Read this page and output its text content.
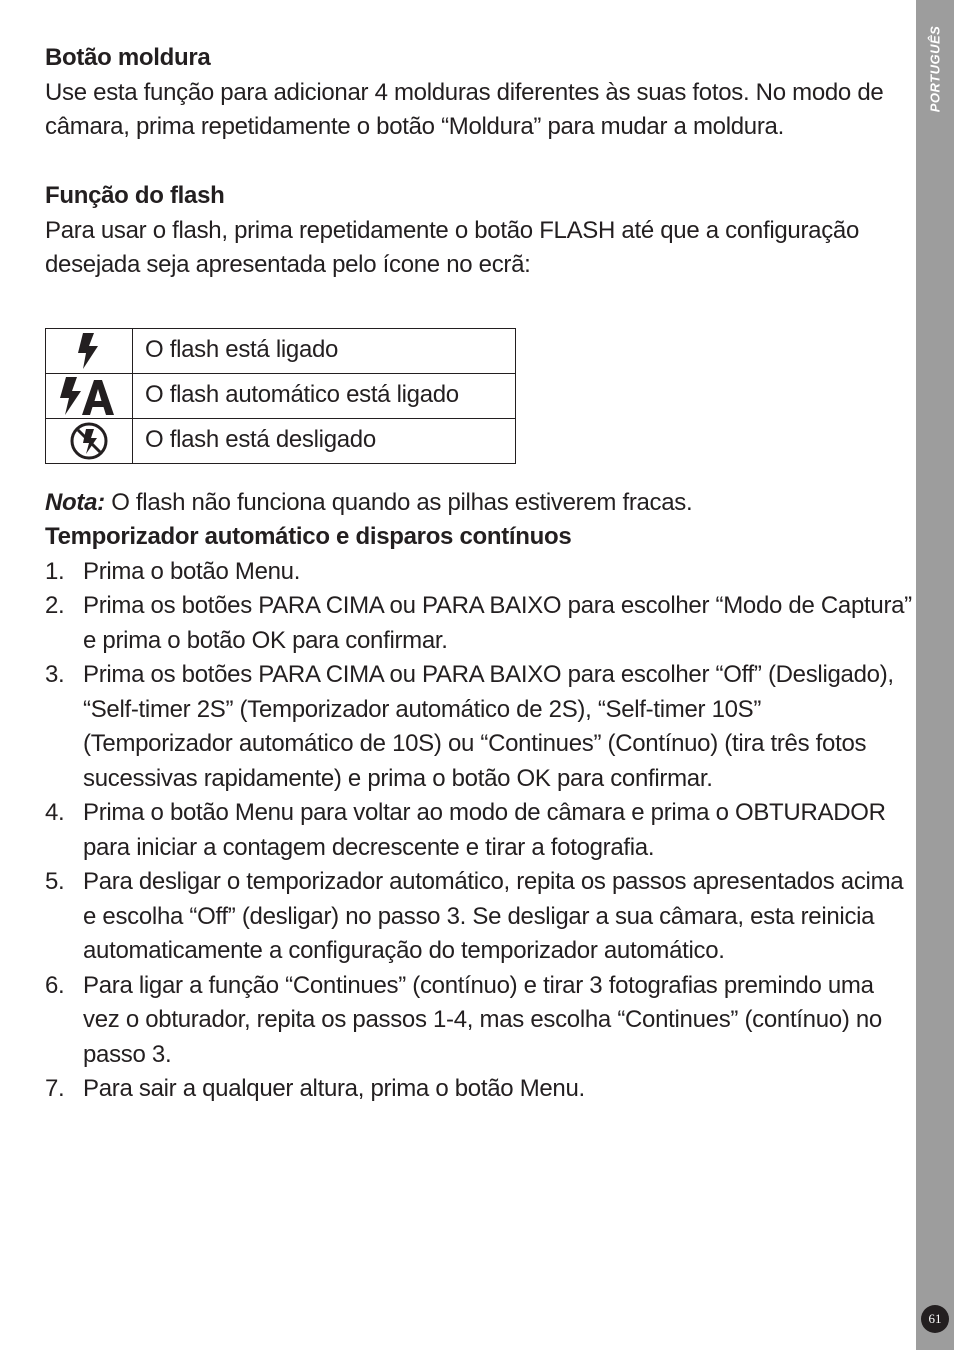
Botão moldura

Use esta função para adicionar 4 molduras diferentes às suas fotos. No modo de câmara, prima repetidamente o botão “Moldura” para mudar a moldura.

Função do flash

Para usar o flash, prima repetidamente o botão FLASH até que a configuração desejada seja apresentada pelo ícone no ecrã:

	O flash está ligado

	O flash automático está ligado

	O flash está desligado

Nota: O flash não funciona quando as pilhas estiverem fracas.

Temporizador automático e disparos contínuos

1. Prima o botão Menu.
2. Prima os botões PARA CIMA ou PARA BAIXO para escolher “Modo de Captura” e prima o botão OK para confirmar.
3. Prima os botões PARA CIMA ou PARA BAIXO para escolher “Off” (Desligado), “Self-timer 2S” (Temporizador automático de 2S), “Self-timer 10S” (Temporizador automático de 10S) ou “Continues” (Contínuo) (tira três fotos sucessivas rapidamente) e prima o botão OK para confirmar.
4. Prima o botão Menu para voltar ao modo de câmara e prima o OBTURADOR para iniciar a contagem decrescente e tirar a fotografia.
5. Para desligar o temporizador automático, repita os passos apresentados acima e escolha “Off” (desligar) no passo 3. Se desligar a sua câmara, esta reinicia automaticamente a configuração do temporizador automático.
6. Para ligar a função “Continues” (contínuo) e tirar 3 fotografias premindo uma vez o obturador, repita os passos 1-4, mas escolha “Continues” (contínuo) no passo 3.
7. Para sair a qualquer altura, prima o botão Menu.
PORTUGUÊS
61
